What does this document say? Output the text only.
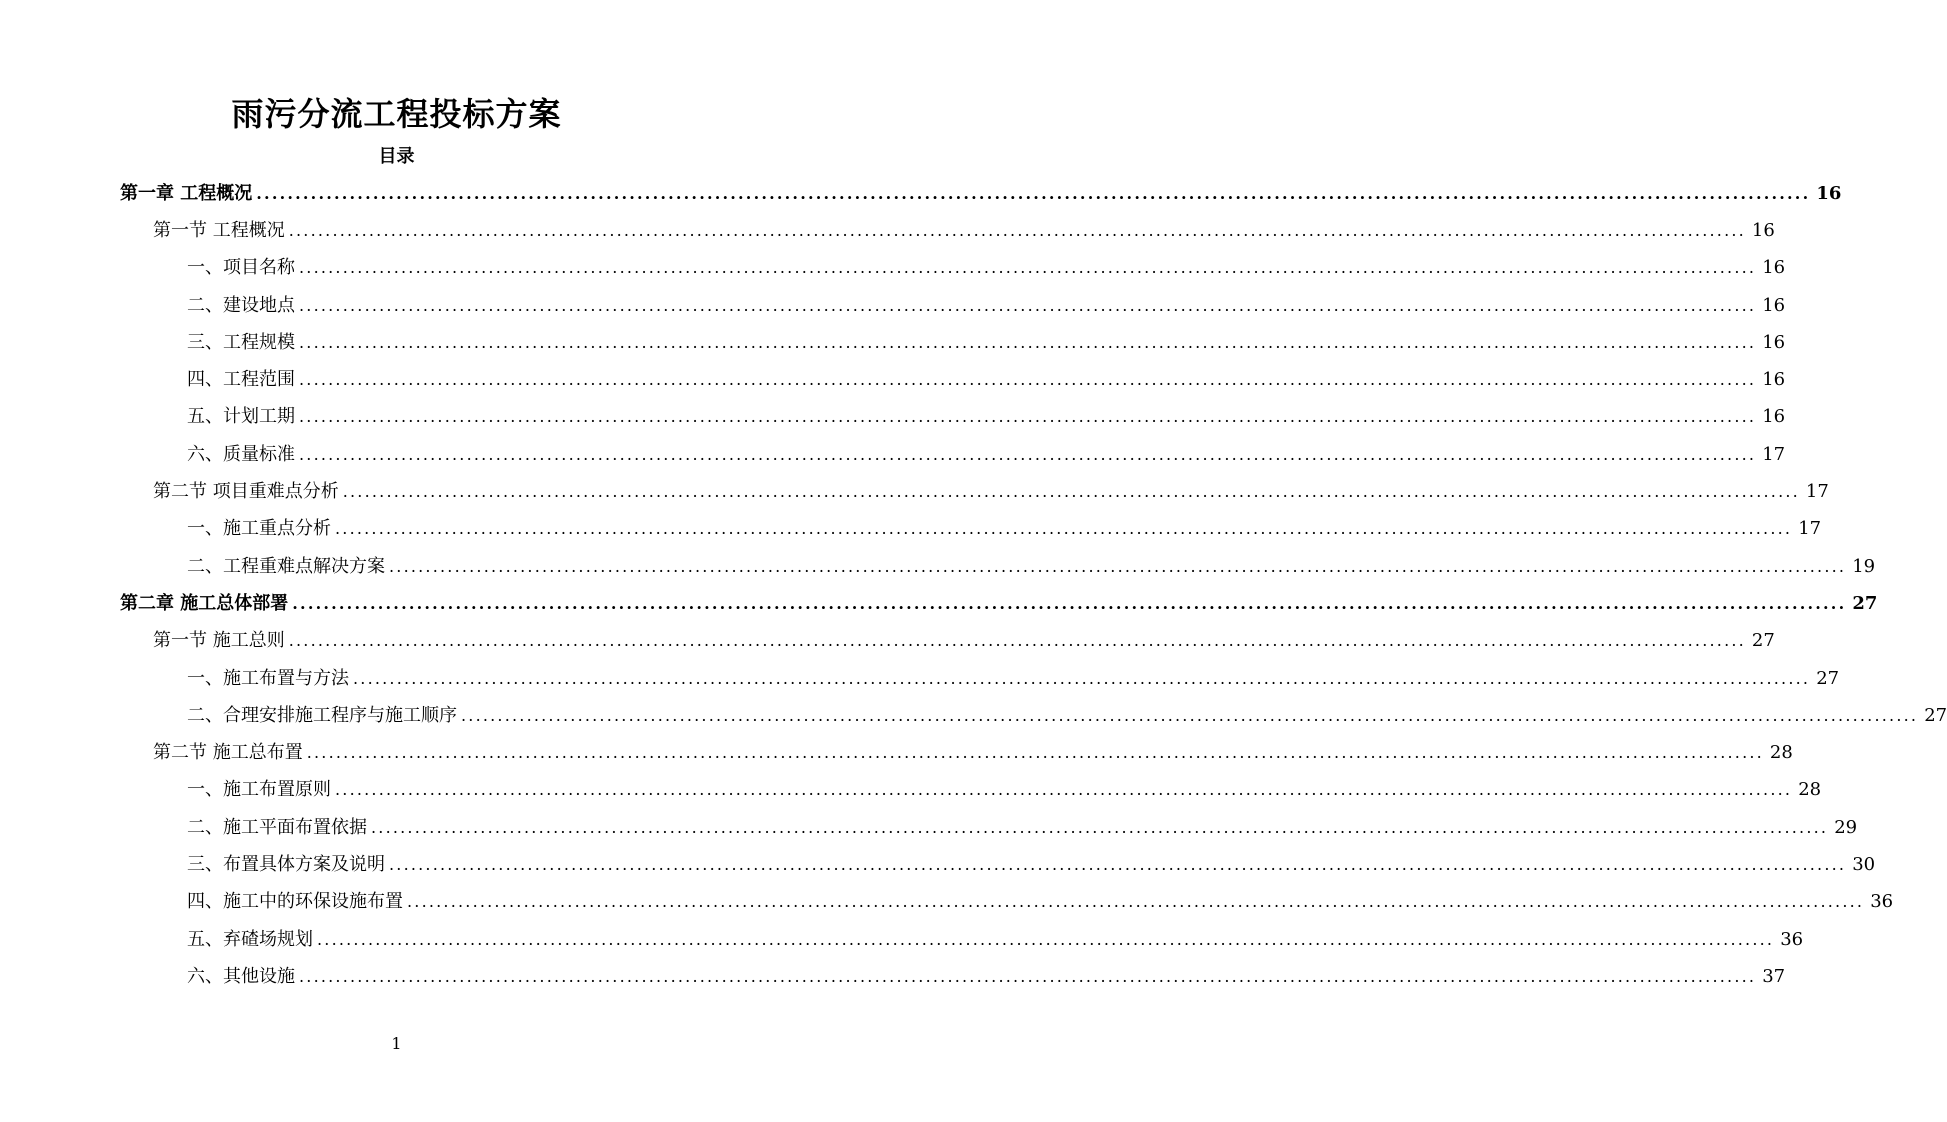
雨污分流工程投标方案
目录
第一章 工程概况 ........................................................................................................................................................................................................ 16
第一节 工程概况 ........................................................................................................................................................................................................ 16
一、项目名称 ........................................................................................................................................................................................................ 16
二、建设地点 ........................................................................................................................................................................................................ 16
三、工程规模 ........................................................................................................................................................................................................ 16
四、工程范围 ........................................................................................................................................................................................................ 16
五、计划工期 ........................................................................................................................................................................................................ 16
六、质量标准 ........................................................................................................................................................................................................ 17
第二节 项目重难点分析 ........................................................................................................................................................................................................ 17
一、施工重点分析 ........................................................................................................................................................................................................ 17
二、工程重难点解决方案 ........................................................................................................................................................................................................ 19
第二章 施工总体部署 ........................................................................................................................................................................................................ 27
第一节 施工总则 ........................................................................................................................................................................................................ 27
一、施工布置与方法 ........................................................................................................................................................................................................ 27
二、合理安排施工程序与施工顺序 ........................................................................................................................................................................................................ 27
第二节 施工总布置 ........................................................................................................................................................................................................ 28
一、施工布置原则 ........................................................................................................................................................................................................ 28
二、施工平面布置依据 ........................................................................................................................................................................................................ 29
三、布置具体方案及说明 ........................................................................................................................................................................................................ 30
四、施工中的环保设施布置 ........................................................................................................................................................................................................ 36
五、弃碴场规划 ........................................................................................................................................................................................................ 36
六、其他设施 ........................................................................................................................................................................................................ 37
1
